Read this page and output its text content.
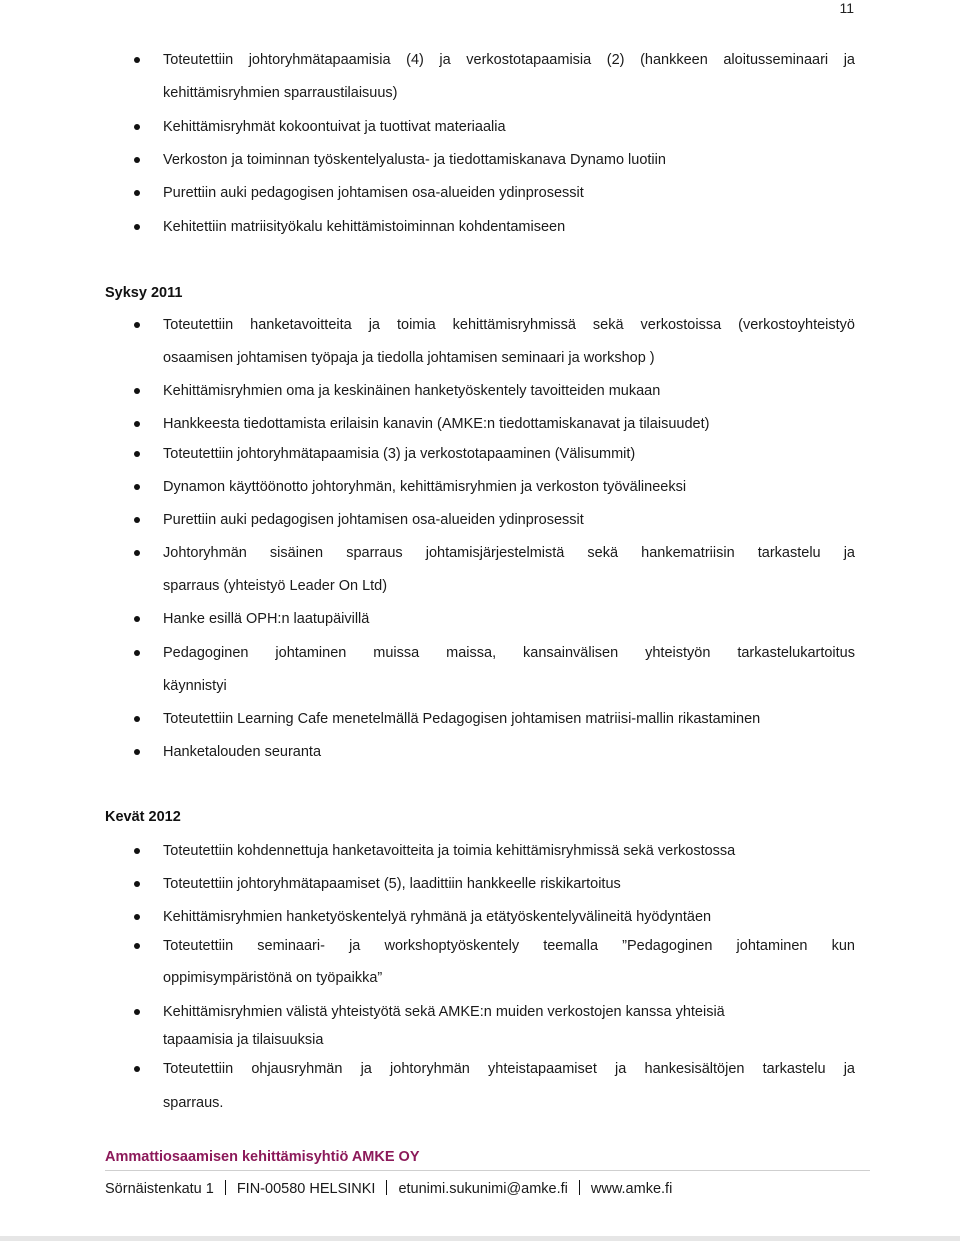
11
Toteutettiin johtoryhmätapaamisia (4) ja verkostotapaamisia (2) (hankkeen aloitusseminaari ja
kehittämisryhmien sparraustilaisuus)
Kehittämisryhmät kokoontuivat ja tuottivat materiaalia
Verkoston ja toiminnan työskentelyalusta- ja tiedottamiskanava Dynamo luotiin
Purettiin auki pedagogisen johtamisen osa-alueiden ydinprosessit
Kehitettiin matriisityökalu kehittämistoiminnan kohdentamiseen
Syksy 2011
Toteutettiin hanketavoitteita ja toimia kehittämisryhmissä sekä verkostoissa (verkostoyhteistyö
osaamisen johtamisen työpaja ja tiedolla johtamisen seminaari ja workshop )
Kehittämisryhmien oma ja keskinäinen hanketyöskentely tavoitteiden mukaan
Hankkeesta tiedottamista erilaisin kanavin (AMKE:n tiedottamiskanavat ja tilaisuudet)
Toteutettiin johtoryhmätapaamisia (3) ja verkostotapaaminen (Välisummit)
Dynamon käyttöönotto johtoryhmän, kehittämisryhmien ja verkoston työvälineeksi
Purettiin auki pedagogisen johtamisen osa-alueiden ydinprosessit
Johtoryhmän sisäinen sparraus johtamisjärjestelmistä sekä hankematriisin tarkastelu ja
sparraus (yhteistyö Leader On Ltd)
Hanke esillä OPH:n laatupäivillä
Pedagoginen johtaminen muissa maissa, kansainvälisen yhteistyön tarkastelukartoitus
käynnistyi
Toteutettiin Learning Cafe menetelmällä Pedagogisen johtamisen matriisi-mallin rikastaminen
Hanketalouden seuranta
Kevät 2012
Toteutettiin kohdennettuja hanketavoitteita ja toimia kehittämisryhmissä sekä verkostossa
Toteutettiin johtoryhmätapaamiset (5), laadittiin hankkeelle riskikartoitus
Kehittämisryhmien hanketyöskentelyä ryhmänä ja etätyöskentelyvälineitä hyödyntäen
Toteutettiin seminaari- ja workshoptyöskentely teemalla ”Pedagoginen johtaminen kun
oppimisympäristönä on työpaikka”
Kehittämisryhmien välistä yhteistyötä sekä AMKE:n muiden verkostojen kanssa yhteisiä
tapaamisia ja tilaisuuksia
Toteutettiin ohjausryhmän ja johtoryhmän yhteistapaamiset ja hankesisältöjen tarkastelu ja
sparraus.
Ammattiosaamisen kehittämisyhtiö AMKE OY
Sörnäistenkatu 1 FIN-00580 HELSINKI etunimi.sukunimi@amke.fi www.amke.fi
